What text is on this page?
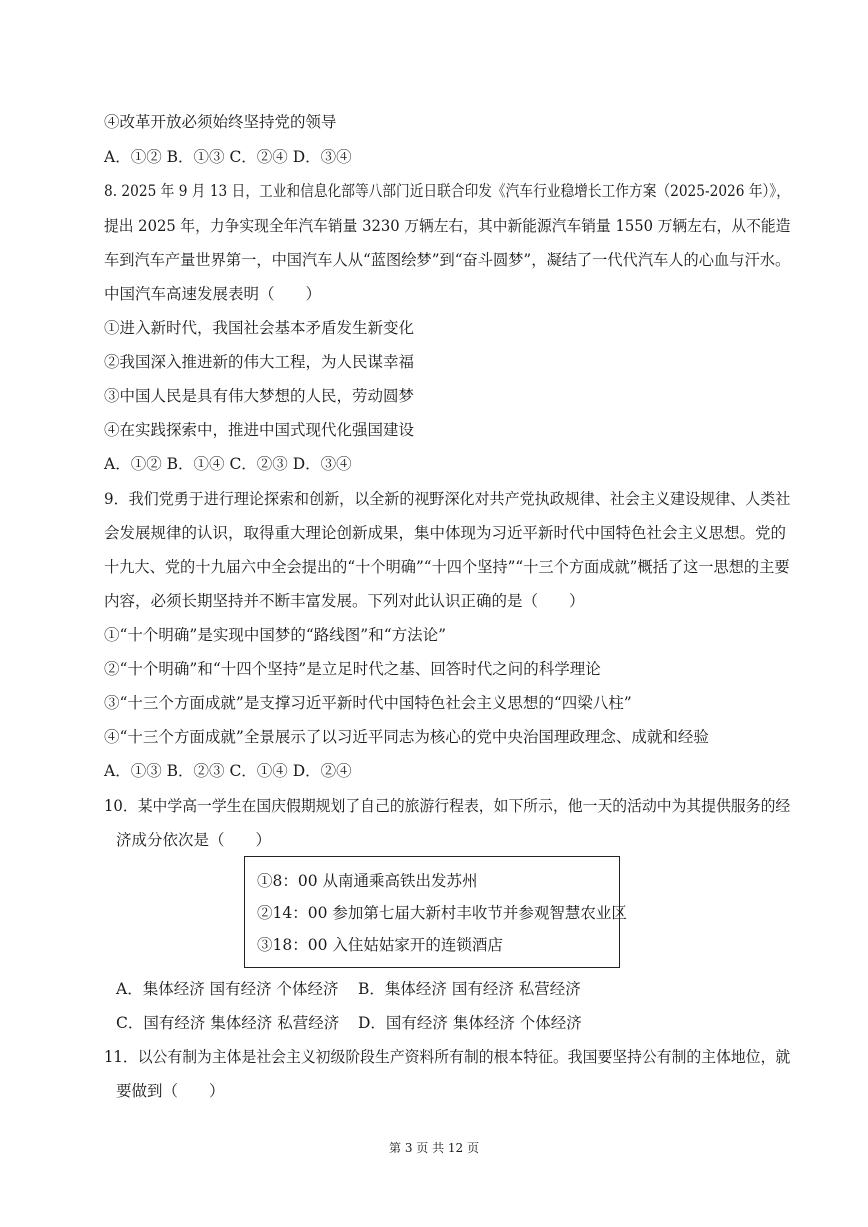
④改革开放必须始终坚持党的领导
A．①② B．①③ C．②④ D．③④
8. 2025 年 9 月 13 日，工业和信息化部等八部门近日联合印发《汽车行业稳增长工作方案（2025-2026 年）》，
提出 2025 年，力争实现全年汽车销量 3230 万辆左右，其中新能源汽车销量 1550 万辆左右，从不能造
车到汽车产量世界第一，中国汽车人从“蓝图绘梦”到“奋斗圆梦”，凝结了一代代汽车人的心血与汗水。
中国汽车高速发展表明（　　）
①进入新时代，我国社会基本矛盾发生新变化
②我国深入推进新的伟大工程，为人民谋幸福
③中国人民是具有伟大梦想的人民，劳动圆梦
④在实践探索中，推进中国式现代化强国建设
A．①② B．①④ C．②③ D．③④
9．我们党勇于进行理论探索和创新，以全新的视野深化对共产党执政规律、社会主义建设规律、人类社
会发展规律的认识，取得重大理论创新成果，集中体现为习近平新时代中国特色社会主义思想。党的
十九大、党的十九届六中全会提出的“十个明确”“十四个坚持”“十三个方面成就”概括了这一思想的主要
内容，必须长期坚持并不断丰富发展。下列对此认识正确的是（　　）
①“十个明确”是实现中国梦的“路线图”和“方法论”
②“十个明确”和“十四个坚持”是立足时代之基、回答时代之问的科学理论
③“十三个方面成就”是支撑习近平新时代中国特色社会主义思想的“四梁八柱”
④“十三个方面成就”全景展示了以习近平同志为核心的党中央治国理政理念、成就和经验
A．①③ B．②③ C．①④ D．②④
10．某中学高一学生在国庆假期规划了自己的旅游行程表，如下所示，他一天的活动中为其提供服务的经
济成分依次是（　　）
①8：00 从南通乘高铁出发苏州
②14：00 参加第七届大新村丰收节并参观智慧农业区
③18：00 入住姑姑家开的连锁酒店
A．集体经济 国有经济 个体经济 B．集体经济 国有经济 私营经济
C．国有经济 集体经济 私营经济 D．国有经济 集体经济 个体经济
11．以公有制为主体是社会主义初级阶段生产资料所有制的根本特征。我国要坚持公有制的主体地位，就
要做到（　　）
第 3 页 共 12 页
